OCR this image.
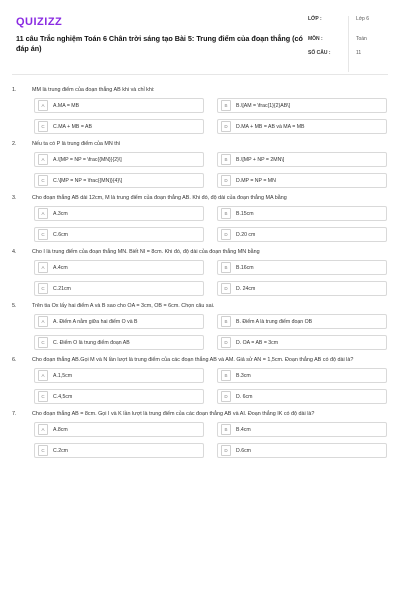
QUIZIZZ
11 câu Trắc nghiệm Toán 6 Chân trời sáng tạo Bài 5: Trung điểm của đoạn thẳng (có đáp án)
LỚP :	Lớp 6
MÔN :	Toán
SỐ CÂU :	11
1.	MM là trung điểm của đoạn thẳng AB khi và chỉ khi:
A	A.MA = MB	B	B.\[AM = \frac{1}{2}AB\]
C	C.MA + MB = AB	D	D.MA + MB = AB và MA = MB
2.	Nếu ta có P là trung điểm của MN thì
A	A.\[MP = NP = \frac{{MN}}{2}\]	B	B.\[MP + NP = 2MN\]
C	C.\[MP = NP = \frac{{MN}}{4}\]	D	D.MP = NP = MN
3.	Cho đoạn thẳng AB dài 12cm, M là trung điểm của đoạn thẳng AB. Khi đó, độ dài của đoạn thẳng MA bằng
A	A.3cm	B	B.15cm
C	C.6cm	D	D.20 cm
4.	Cho I là trung điểm của đoạn thẳng MN. Biết NI = 8cm. Khi đó, độ dài của đoạn thẳng MN bằng
A	A.4cm	B	B.16cm
C	C.21cm	D	D. 24cm
5.	Trên tia Ox lấy hai điểm A và B sao cho OA = 3cm, OB = 6cm. Chọn câu sai.
A	A. Điểm A nằm giữa hai điểm O và B	B	B. Điểm A là trung điểm đoạn OB
C	C. Điểm O là trung điểm đoạn AB	D	D. OA = AB = 3cm
6.	Cho đoạn thẳng AB.Gọi M và N lần lượt là trung điểm của các đoạn thẳng AB và AM. Giả sử AN = 1,5cm. Đoạn thẳng AB có độ dài là?
A	A.1,5cm	B	B.3cm
C	C.4,5cm	D	D. 6cm
7.	Cho đoạn thẳng AB = 8cm. Gọi I và K lần lượt là trung điểm của các đoạn thẳng AB và AI. Đoạn thẳng IK có độ dài là?
A	A.8cm	B	B.4cm
C	C.2cm	D	D.6cm
